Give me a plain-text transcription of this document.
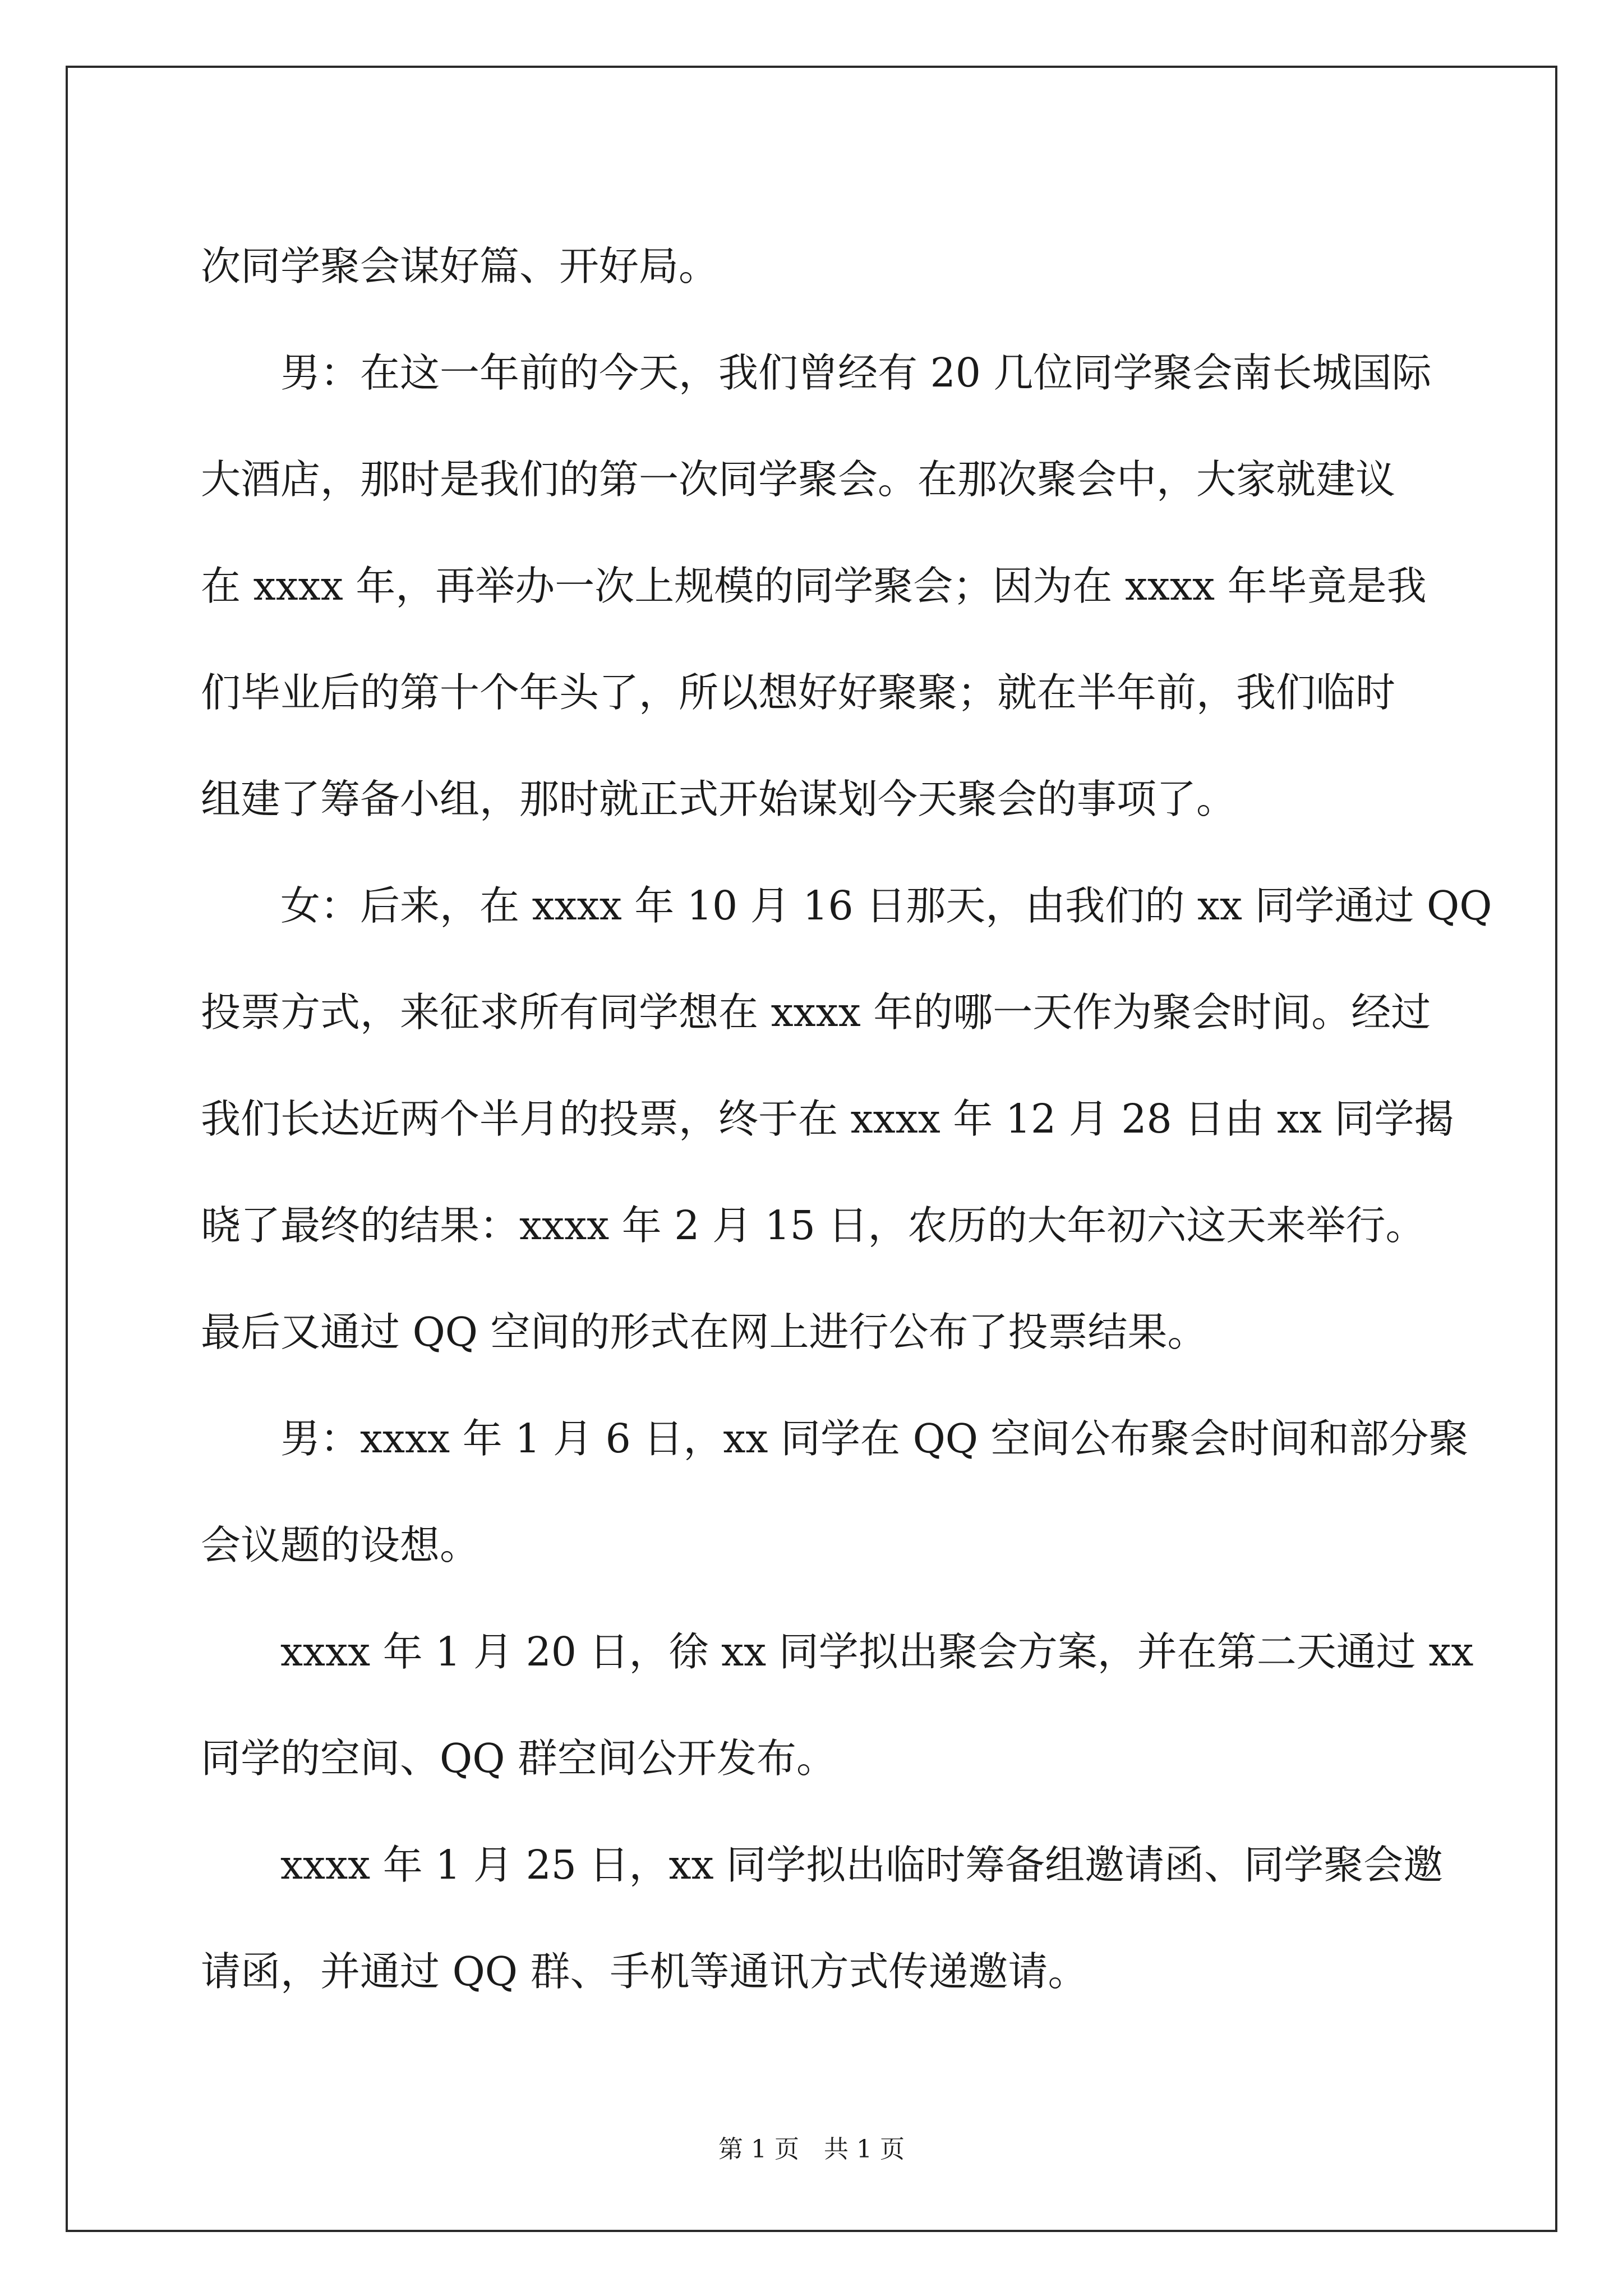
次同学聚会谋好篇、开好局。
男：在这一年前的今天，我们曾经有 20 几位同学聚会南长城国际
大酒店，那时是我们的第一次同学聚会。在那次聚会中，大家就建议
在 xxxx 年，再举办一次上规模的同学聚会；因为在 xxxx 年毕竟是我
们毕业后的第十个年头了，所以想好好聚聚；就在半年前，我们临时
组建了筹备小组，那时就正式开始谋划今天聚会的事项了。
女：后来，在 xxxx 年 10 月 16 日那天，由我们的 xx 同学通过 QQ
投票方式，来征求所有同学想在 xxxx 年的哪一天作为聚会时间。经过
我们长达近两个半月的投票，终于在 xxxx 年 12 月 28 日由 xx 同学揭
晓了最终的结果：xxxx 年 2 月 15 日，农历的大年初六这天来举行。
最后又通过 QQ 空间的形式在网上进行公布了投票结果。
男：xxxx 年 1 月 6 日，xx 同学在 QQ 空间公布聚会时间和部分聚
会议题的设想。
xxxx 年 1 月 20 日，徐 xx 同学拟出聚会方案，并在第二天通过 xx
同学的空间、QQ 群空间公开发布。
xxxx 年 1 月 25 日，xx 同学拟出临时筹备组邀请函、同学聚会邀
请函，并通过 QQ 群、手机等通讯方式传递邀请。
第 1 页 共 1 页
